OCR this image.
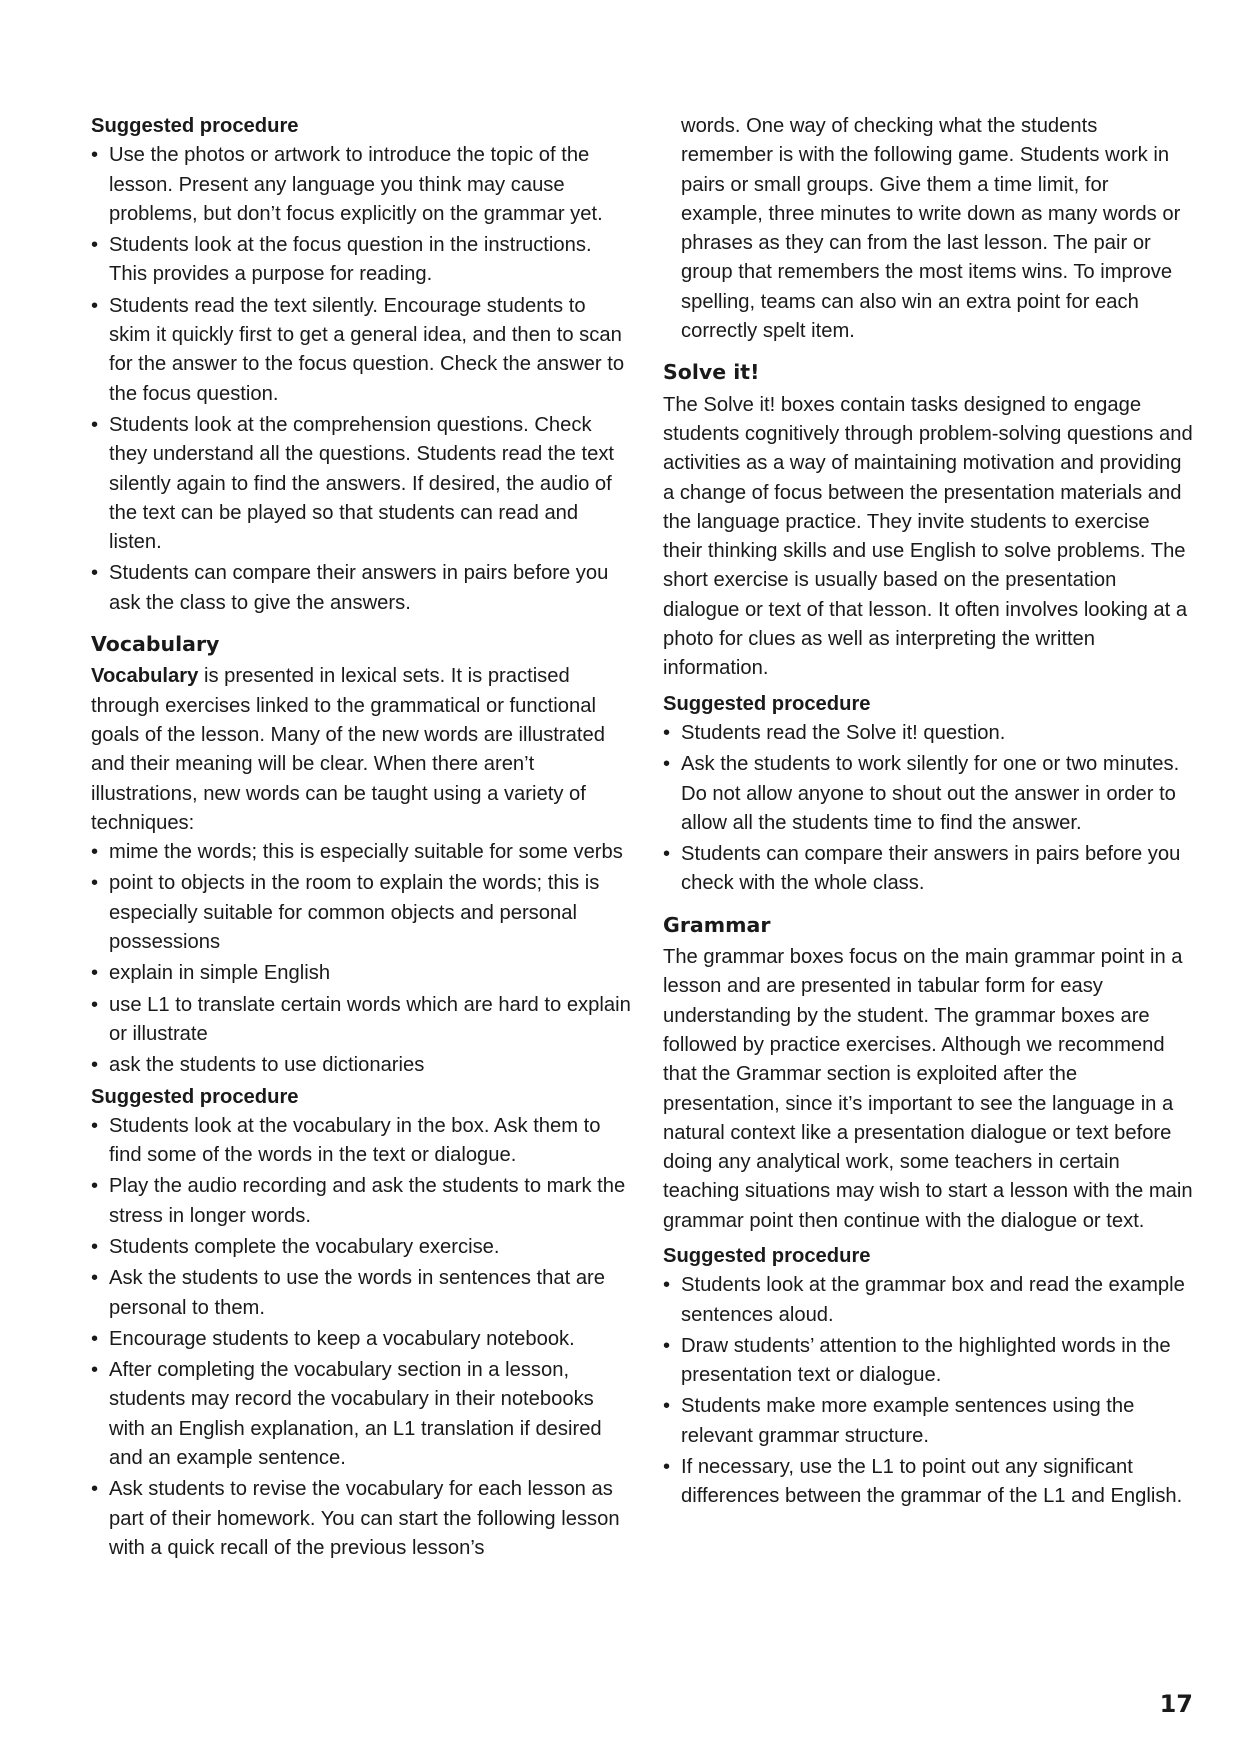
Suggested procedure

• Use the photos or artwork to introduce the topic of the lesson. Present any language you think may cause problems, but don’t focus explicitly on the grammar yet.
• Students look at the focus question in the instructions. This provides a purpose for reading.
• Students read the text silently. Encourage students to skim it quickly first to get a general idea, and then to scan for the answer to the focus question. Check the answer to the focus question.
• Students look at the comprehension questions. Check they understand all the questions. Students read the text silently again to find the answers. If desired, the audio of the text can be played so that students can read and listen.
• Students can compare their answers in pairs before you ask the class to give the answers.

Vocabulary

Vocabulary is presented in lexical sets. It is practised through exercises linked to the grammatical or functional goals of the lesson. Many of the new words are illustrated and their meaning will be clear. When there aren’t illustrations, new words can be taught using a variety of techniques:

• mime the words; this is especially suitable for some verbs
• point to objects in the room to explain the words; this is especially suitable for common objects and personal possessions
• explain in simple English
• use L1 to translate certain words which are hard to explain or illustrate
• ask the students to use dictionaries

Suggested procedure

• Students look at the vocabulary in the box. Ask them to find some of the words in the text or dialogue.
• Play the audio recording and ask the students to mark the stress in longer words.
• Students complete the vocabulary exercise.
• Ask the students to use the words in sentences that are personal to them.
• Encourage students to keep a vocabulary notebook.
• After completing the vocabulary section in a lesson, students may record the vocabulary in their notebooks with an English explanation, an L1 translation if desired and an example sentence.
• Ask students to revise the vocabulary for each lesson as part of their homework. You can start the following lesson with a quick recall of the previous lesson’s

words. One way of checking what the students remember is with the following game. Students work in pairs or small groups. Give them a time limit, for example, three minutes to write down as many words or phrases as they can from the last lesson. The pair or group that remembers the most items wins. To improve spelling, teams can also win an extra point for each correctly spelt item.

Solve it!

The Solve it! boxes contain tasks designed to engage students cognitively through problem-solving questions and activities as a way of maintaining motivation and providing a change of focus between the presentation materials and the language practice. They invite students to exercise their thinking skills and use English to solve problems. The short exercise is usually based on the presentation dialogue or text of that lesson. It often involves looking at a photo for clues as well as interpreting the written information.

Suggested procedure

• Students read the Solve it! question.
• Ask the students to work silently for one or two minutes. Do not allow anyone to shout out the answer in order to allow all the students time to find the answer.
• Students can compare their answers in pairs before you check with the whole class.

Grammar

The grammar boxes focus on the main grammar point in a lesson and are presented in tabular form for easy understanding by the student. The grammar boxes are followed by practice exercises. Although we recommend that the Grammar section is exploited after the presentation, since it’s important to see the language in a natural context like a presentation dialogue or text before doing any analytical work, some teachers in certain teaching situations may wish to start a lesson with the main grammar point then continue with the dialogue or text.

Suggested procedure

• Students look at the grammar box and read the example sentences aloud.
• Draw students’ attention to the highlighted words in the presentation text or dialogue.
• Students make more example sentences using the relevant grammar structure.
• If necessary, use the L1 to point out any significant differences between the grammar of the L1 and English.
17
